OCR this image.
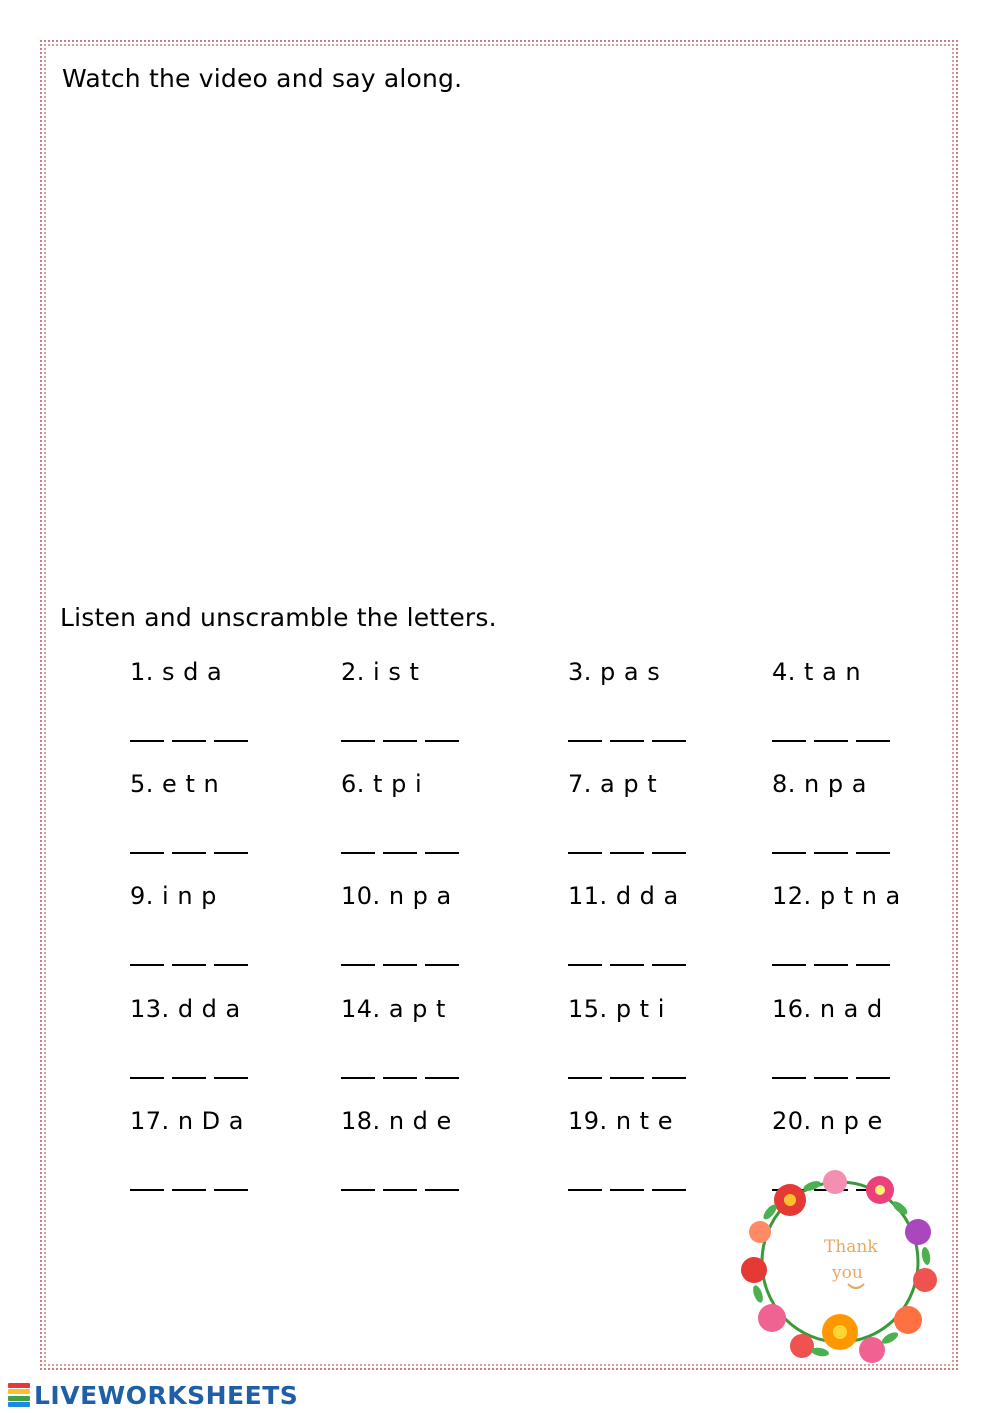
Watch the video and say along.
Listen and unscramble the letters.
1. s d a	2. i s t	3. p a s	4. t a n
5. e t n	6. t p i	7. a p t	8. n p a
9. i n p	10. n p a	11. d d a	12. p t n a
13. d d a	14. a p t	15. p t i	16. n a d
17. n D a	18. n d e	19. n t e	20. n p e
Thank
you
LIVEWORKSHEETS
